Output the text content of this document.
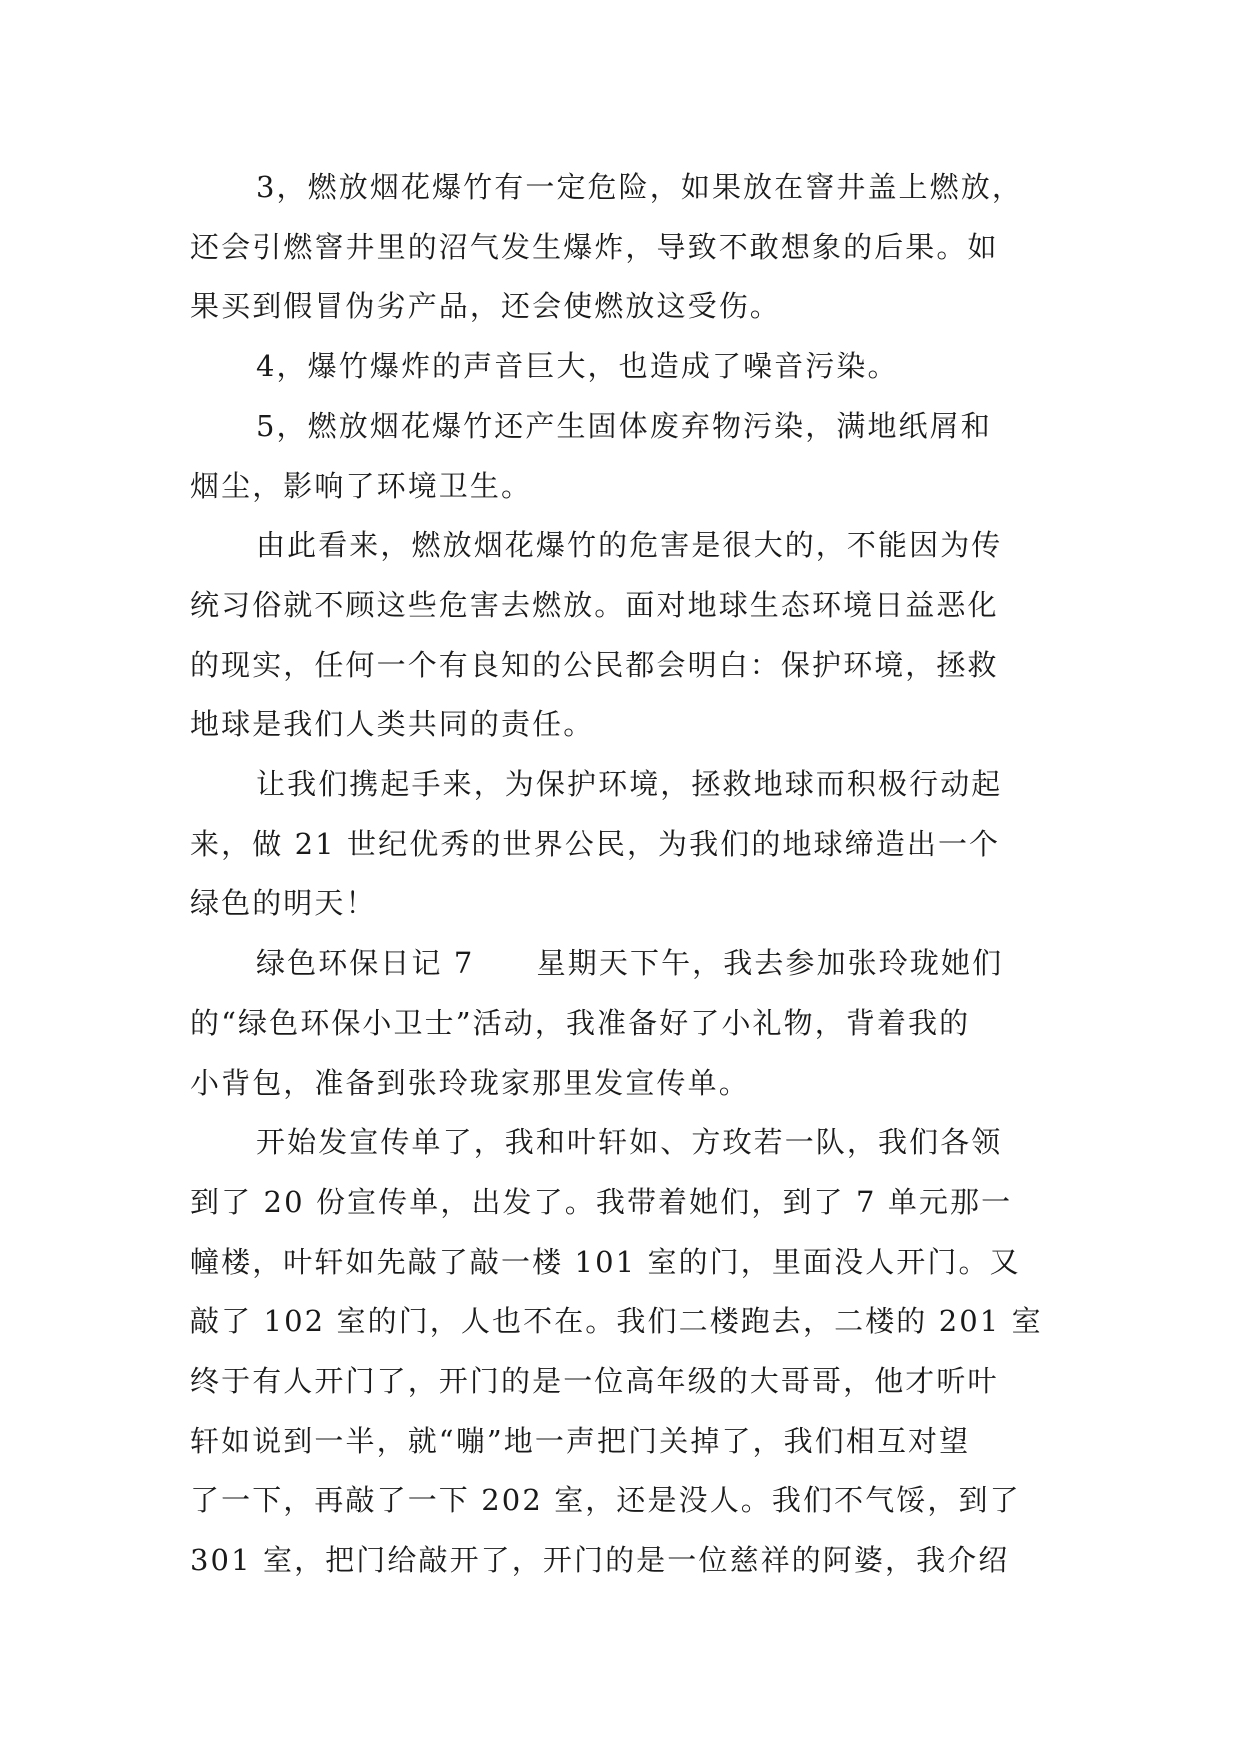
3，燃放烟花爆竹有一定危险，如果放在窨井盖上燃放，
还会引燃窨井里的沼气发生爆炸，导致不敢想象的后果。如
果买到假冒伪劣产品，还会使燃放这受伤。
4，爆竹爆炸的声音巨大，也造成了噪音污染。
5，燃放烟花爆竹还产生固体废弃物污染，满地纸屑和
烟尘，影响了环境卫生。
由此看来，燃放烟花爆竹的危害是很大的，不能因为传
统习俗就不顾这些危害去燃放。面对地球生态环境日益恶化
的现实，任何一个有良知的公民都会明白：保护环境，拯救
地球是我们人类共同的责任。
让我们携起手来，为保护环境，拯救地球而积极行动起
来，做 21 世纪优秀的世界公民，为我们的地球缔造出一个
绿色的明天！
绿色环保日记 7　　星期天下午，我去参加张玲珑她们
的“绿色环保小卫士”活动，我准备好了小礼物，背着我的
小背包，准备到张玲珑家那里发宣传单。
开始发宣传单了，我和叶轩如、方玫若一队，我们各领
到了 20 份宣传单，出发了。我带着她们，到了 7 单元那一
幢楼，叶轩如先敲了敲一楼 101 室的门，里面没人开门。又
敲了 102 室的门，人也不在。我们二楼跑去，二楼的 201 室
终于有人开门了，开门的是一位高年级的大哥哥，他才听叶
轩如说到一半，就“嘣”地一声把门关掉了，我们相互对望
了一下，再敲了一下 202 室，还是没人。我们不气馁，到了
301 室，把门给敲开了，开门的是一位慈祥的阿婆，我介绍
